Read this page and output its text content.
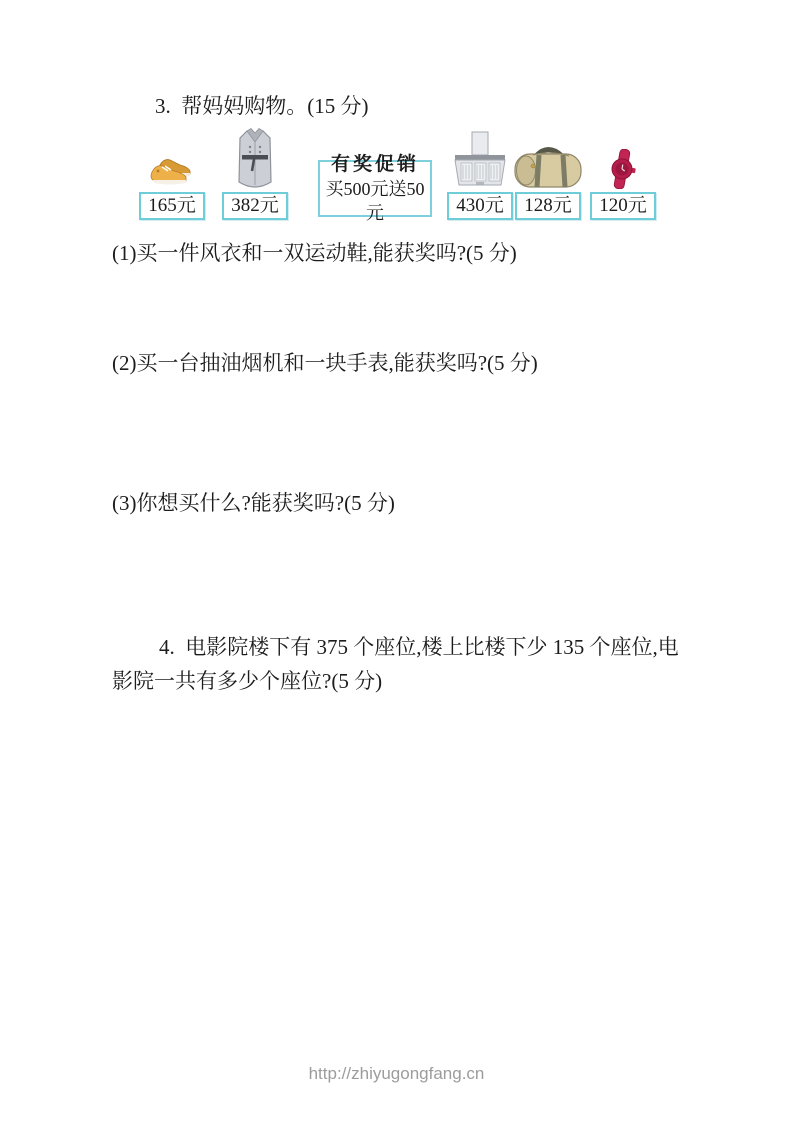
3.  帮妈妈购物。(15 分)
165元	382元
有奖促销
买500元送50元	430元	128元	120元
(1)买一件风衣和一双运动鞋,能获奖吗?(5 分)
(2)买一台抽油烟机和一块手表,能获奖吗?(5 分)
(3)你想买什么?能获奖吗?(5 分)
4.  电影院楼下有 375 个座位,楼上比楼下少 135 个座位,电影院一共有多少个座位?(5 分)
http://zhiyugongfang.cn
